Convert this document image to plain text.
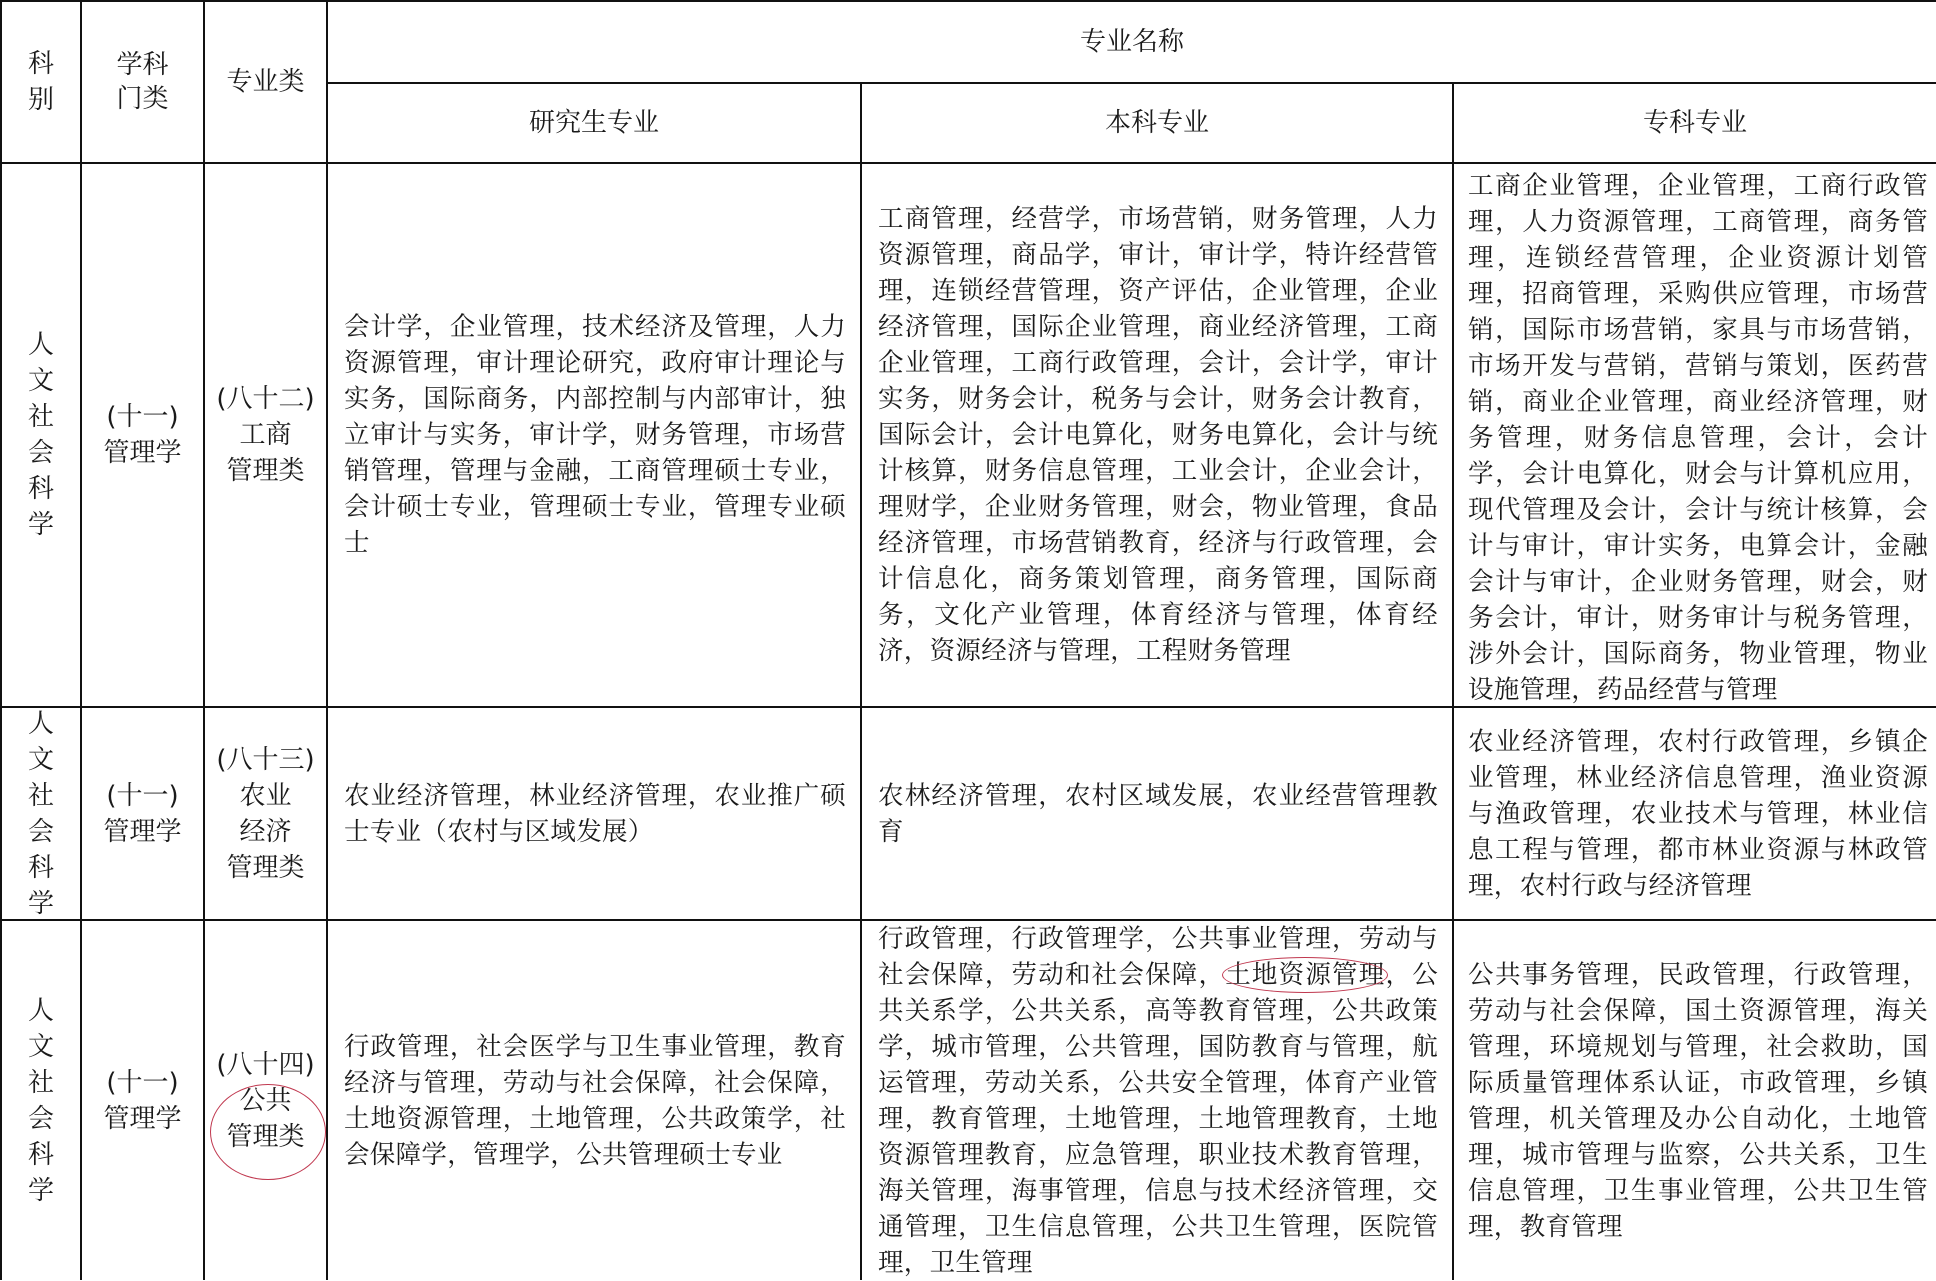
科别
学科门类
专业类
专业名称
研究生专业	本科专业	专科专业
人文社会科学
(十一)
管理学
(八十二)
工商
管理类
会计学，企业管理，技术经济及管理，人力资源管理，审计理论研究，政府审计理论与实务，国际商务，内部控制与内部审计，独立审计与实务，审计学，财务管理，市场营销管理，管理与金融，工商管理硕士专业，会计硕士专业，管理硕士专业，管理专业硕士
工商管理，经营学，市场营销，财务管理，人力资源管理，商品学，审计，审计学，特许经营管理，连锁经营管理，资产评估，企业管理，企业经济管理，国际企业管理，商业经济管理，工商企业管理，工商行政管理，会计，会计学，审计实务，财务会计，税务与会计，财务会计教育，国际会计，会计电算化，财务电算化，会计与统计核算，财务信息管理，工业会计，企业会计，理财学，企业财务管理，财会，物业管理，食品经济管理，市场营销教育，经济与行政管理，会计信息化，商务策划管理，商务管理，国际商务，文化产业管理，体育经济与管理，体育经济，资源经济与管理，工程财务管理
工商企业管理，企业管理，工商行政管理，人力资源管理，工商管理，商务管理，连锁经营管理，企业资源计划管理，招商管理，采购供应管理，市场营销，国际市场营销，家具与市场营销，市场开发与营销，营销与策划，医药营销，商业企业管理，商业经济管理，财务管理，财务信息管理，会计，会计学，会计电算化，财会与计算机应用，现代管理及会计，会计与统计核算，会计与审计，审计实务，电算会计，金融会计与审计，企业财务管理，财会，财务会计，审计，财务审计与税务管理，涉外会计，国际商务，物业管理，物业设施管理，药品经营与管理
人文社会科学
(十一)
管理学
(八十三)
农业
经济
管理类
农业经济管理，林业经济管理，农业推广硕士专业（农村与区域发展）
农林经济管理，农村区域发展，农业经营管理教育
农业经济管理，农村行政管理，乡镇企业管理，林业经济信息管理，渔业资源与渔政管理，农业技术与管理，林业信息工程与管理，都市林业资源与林政管理，农村行政与经济管理
人文社会科学
(十一)
管理学
(八十四)
公共
管理类
行政管理，社会医学与卫生事业管理，教育经济与管理，劳动与社会保障，社会保障，土地资源管理，土地管理，公共政策学，社会保障学，管理学，公共管理硕士专业
行政管理，行政管理学，公共事业管理，劳动与社会保障，劳动和社会保障，土地资源管理，公共关系学，公共关系，高等教育管理，公共政策学，城市管理，公共管理，国防教育与管理，航运管理，劳动关系，公共安全管理，体育产业管理，教育管理，土地管理，土地管理教育，土地资源管理教育，应急管理，职业技术教育管理，海关管理，海事管理，信息与技术经济管理，交通管理，卫生信息管理，公共卫生管理，医院管理，卫生管理
公共事务管理，民政管理，行政管理，劳动与社会保障，国土资源管理，海关管理，环境规划与管理，社会救助，国际质量管理体系认证，市政管理，乡镇管理，机关管理及办公自动化，土地管理，城市管理与监察，公共关系，卫生信息管理，卫生事业管理，公共卫生管理，教育管理
